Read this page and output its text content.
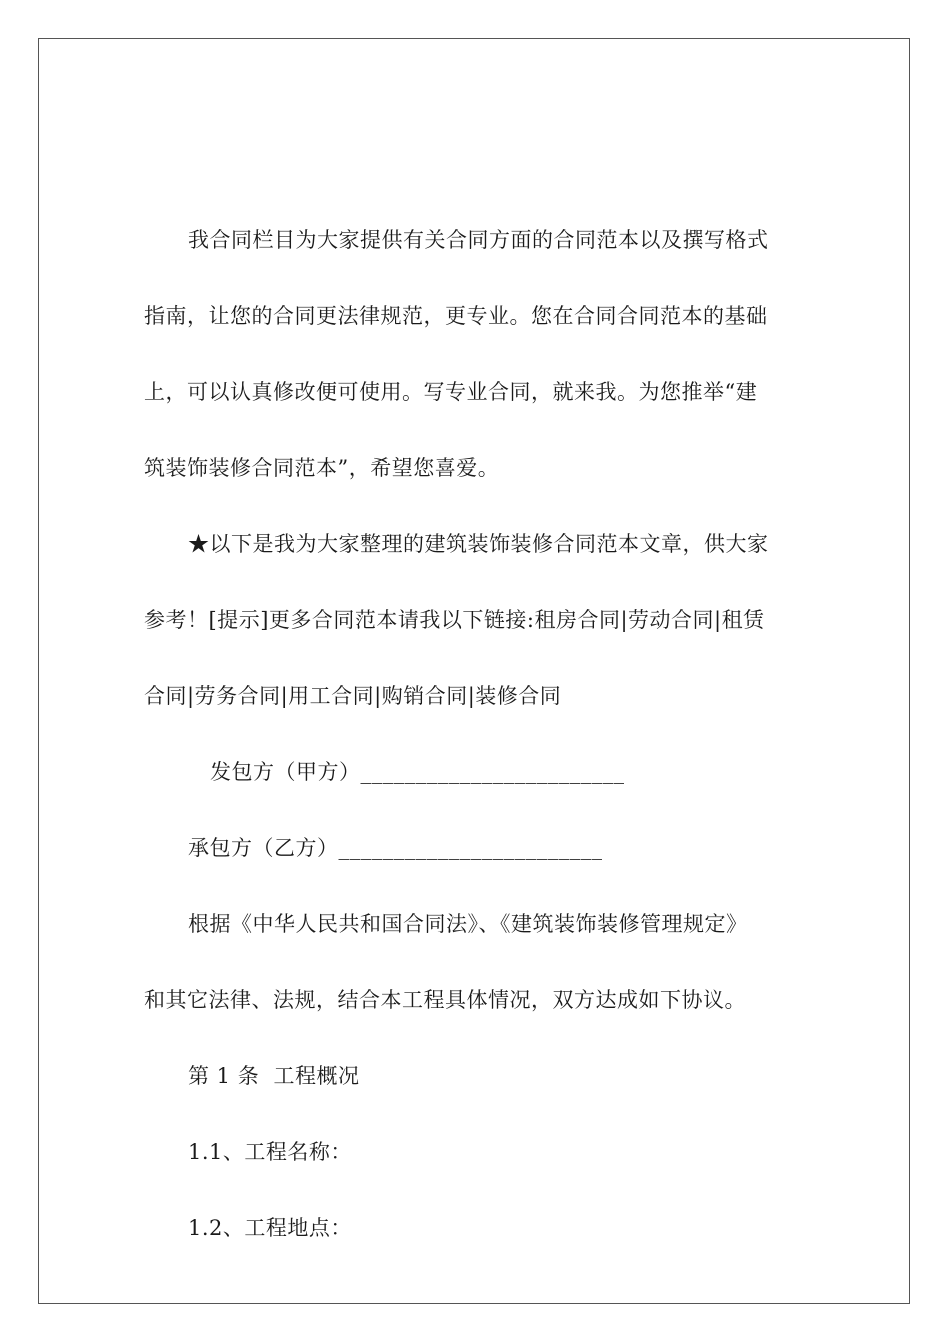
我合同栏目为大家提供有关合同方面的合同范本以及撰写格式
指南，让您的合同更法律规范，更专业。您在合同合同范本的基础
上，可以认真修改便可使用。写专业合同，就来我。为您推举“建
筑装饰装修合同范本”，希望您喜爱。

★以下是我为大家整理的建筑装饰装修合同范本文章，供大家
参考！[提示]更多合同范本请我以下链接:租房合同|劳动合同|租赁
合同|劳务合同|用工合同|购销合同|装修合同

发包方（甲方）________________________

承包方（乙方）________________________

根据《中华人民共和国合同法》、《建筑装饰装修管理规定》
和其它法律、法规，结合本工程具体情况，双方达成如下协议。

第 1 条  工程概况

1.1、工程名称：

1.2、工程地点：
